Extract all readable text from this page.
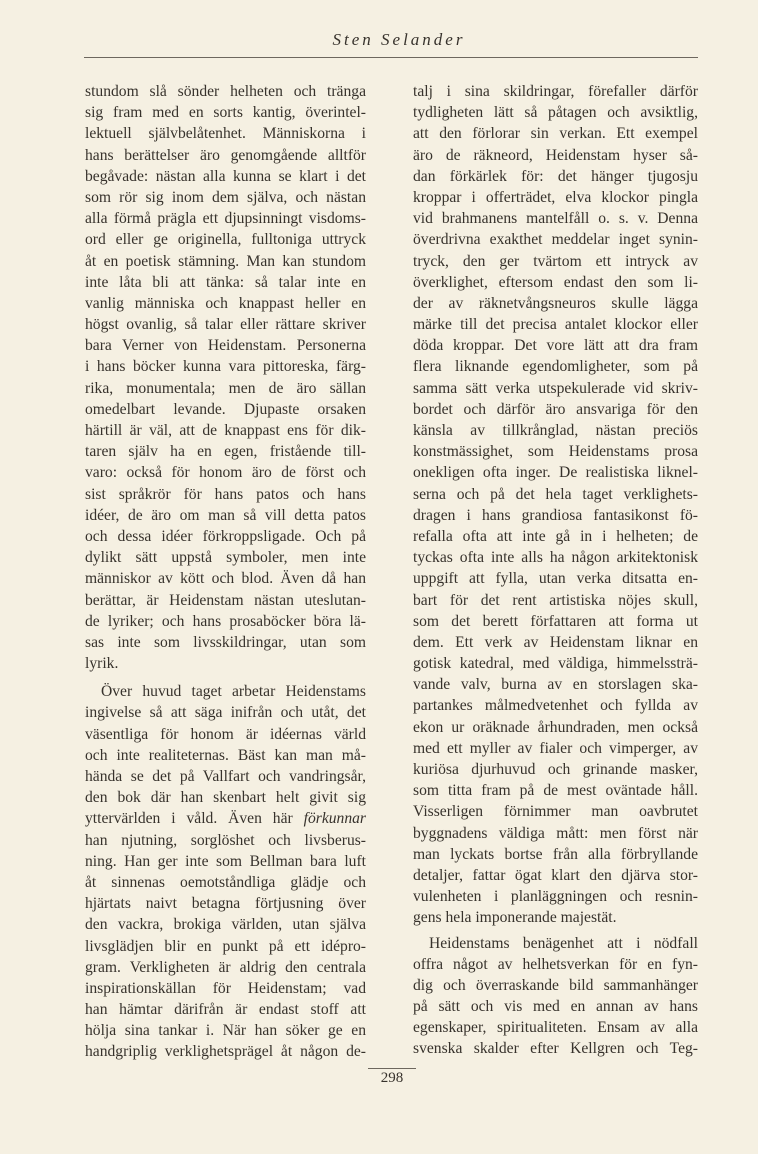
Sten Selander
stundom slå sönder helheten och tränga
sig fram med en sorts kantig, överintel-
lektuell självbelåtenhet. Människorna i
hans berättelser äro genomgående alltför
begåvade: nästan alla kunna se klart i det
som rör sig inom dem själva, och nästan
alla förmå prägla ett djupsinningt visdoms-
ord eller ge originella, fulltoniga uttryck
åt en poetisk stämning. Man kan stundom
inte låta bli att tänka: så talar inte en
vanlig människa och knappast heller en
högst ovanlig, så talar eller rättare skriver
bara Verner von Heidenstam. Personerna
i hans böcker kunna vara pittoreska, färg-
rika, monumentala; men de äro sällan
omedelbart levande. Djupaste orsaken
härtill är väl, att de knappast ens för dik-
taren själv ha en egen, fristående till-
varo: också för honom äro de först och
sist språkrör för hans patos och hans
idéer, de äro om man så vill detta patos
och dessa idéer förkroppsligade. Och på
dylikt sätt uppstå symboler, men inte
människor av kött och blod. Även då han
berättar, är Heidenstam nästan uteslutan-
de lyriker; och hans prosaböcker böra lä-
sas inte som livsskildringar, utan som
lyrik.
Över huvud taget arbetar Heidenstams
ingivelse så att säga inifrån och utåt, det
väsentliga för honom är idéernas värld
och inte realiteternas. Bäst kan man må-
hända se det på Vallfart och vandringsår,
den bok där han skenbart helt givit sig
yttervärlden i våld. Även här förkunnar
han njutning, sorglöshet och livsberus-
ning. Han ger inte som Bellman bara luft
åt sinnenas oemotståndliga glädje och
hjärtats naivt betagna förtjusning över
den vackra, brokiga världen, utan själva
livsglädjen blir en punkt på ett idépro-
gram. Verkligheten är aldrig den centrala
inspirationskällan för Heidenstam; vad
han hämtar därifrån är endast stoff att
hölja sina tankar i. När han söker ge en
handgriplig verklighetsprägel åt någon de-
talj i sina skildringar, förefaller därför
tydligheten lätt så påtagen och avsiktlig,
att den förlorar sin verkan. Ett exempel
äro de räkneord, Heidenstam hyser så-
dan förkärlek för: det hänger tjugosju
kroppar i offerträdet, elva klockor pingla
vid brahmanens mantelfåll o. s. v. Denna
överdrivna exakthet meddelar inget synin-
tryck, den ger tvärtom ett intryck av
överklighet, eftersom endast den som li-
der av räknetvångsneuros skulle lägga
märke till det precisa antalet klockor eller
döda kroppar. Det vore lätt att dra fram
flera liknande egendomligheter, som på
samma sätt verka utspekulerade vid skriv-
bordet och därför äro ansvariga för den
känsla av tillkrånglad, nästan preciös
konstmässighet, som Heidenstams prosa
onekligen ofta inger. De realistiska liknel-
serna och på det hela taget verklighets-
dragen i hans grandiosa fantasikonst fö-
refalla ofta att inte gå in i helheten; de
tyckas ofta inte alls ha någon arkitektonisk
uppgift att fylla, utan verka ditsatta en-
bart för det rent artistiska nöjes skull,
som det berett författaren att forma ut
dem. Ett verk av Heidenstam liknar en
gotisk katedral, med väldiga, himmelssträ-
vande valv, burna av en storslagen ska-
partankes målmedvetenhet och fyllda av
ekon ur oräknade århundraden, men också
med ett myller av fialer och vimperger, av
kuriösa djurhuvud och grinande masker,
som titta fram på de mest oväntade håll.
Visserligen förnimmer man oavbrutet
byggnadens väldiga mått: men först när
man lyckats bortse från alla förbryllande
detaljer, fattar ögat klart den djärva stor-
vulenheten i planläggningen och resnin-
gens hela imponerande majestät.
Heidenstams benägenhet att i nödfall
offra något av helhetsverkan för en fyn-
dig och överraskande bild sammanhänger
på sätt och vis med en annan av hans
egenskaper, spiritualiteten. Ensam av alla
svenska skalder efter Kellgren och Teg-
298
